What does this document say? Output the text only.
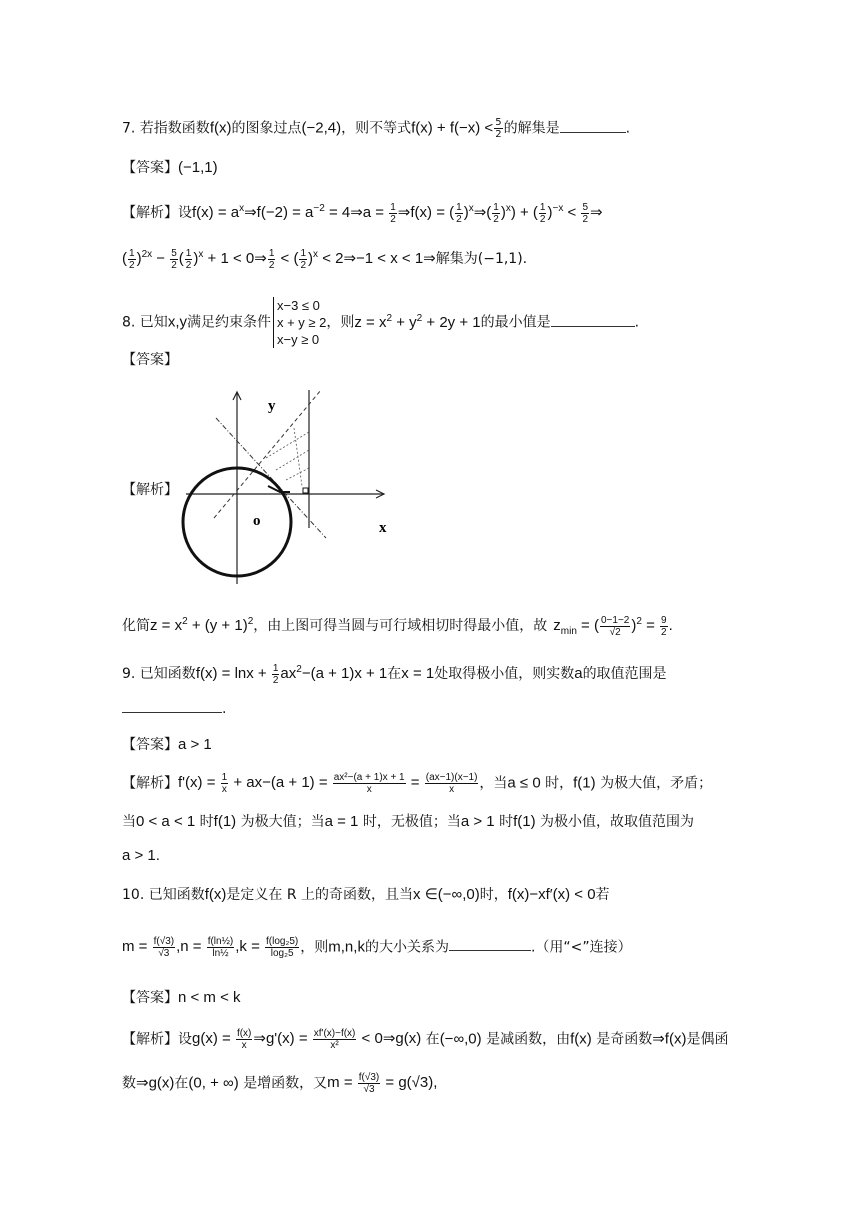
7. 若指数函数f(x)的图象过点(−2,4)，则不等式$f(x) + f(-x) < \frac{5}{2}$ 的解集是	.
【答案】(−1,1)
【解析】设$f(x) = a^x\Rightarrow f(-2) = a^{-2}$ = 4⇒a = $\frac{1}{2}$ ⇒f(x) = ( $\frac{1}{2}$ )$^x$⇒( $\frac{1}{2} )^x$) + ( $\frac{1}{2} )^{-x} < \frac{5}{2}$ ⇒
( $\frac{1}{2} )^{2x} - \frac{5}{2}$ ( $\frac{1}{2} )^x + 1$ < 0⇒ $\frac{1}{2}$ < ( $\frac{1}{2} )^x$ < 2⇒−1 < x < 1⇒解集为(−1,1).
8. 已知x,y满足约束条件
x−3 ≤ 0
x + y ≥ 2
x−y ≥ 0
，则$z = x^2 + y^2 + 2y + 1$的最小值是	.
【答案】
【解析】
y
x
o
化简$z = x^2 + (y + 1)^2$，由上图可得当圆与可行域相切时得最小值，故 $z_{min}$ = ( $\frac{0-1-2}{√2} )^2 = \frac{9}{2}$ .
9. 已知函数$f(x) = \ln x + \frac{1}{2} ax^2-(a + 1)x + 1$在x = 1处取得极小值，则实数a的取值范围是
.
【答案】a > 1
【解析】$f'(x) = \frac{1}{x} + ax-(a + 1) = \frac{\text{ax²−(a + 1)x + 1}}{x} = \frac{(ax-1)(x-1)}{x}$ ，当a ≤ 0 时，f(1) 为极大值，矛盾；
当0 < a < 1 时f(1) 为极大值；当a = 1 时，无极值；当a > 1 时f(1) 为极小值，故取值范围为
a > 1.
10. 已知函数f(x)是定义在 R 上的奇函数，且当x ∈(−∞,0)时，f(x)−xf′(x) < 0若
$m = \frac{f(√3)}{√3} ,n = \frac{\text{f(ln½)}}{\text{ln½}} ,k = \frac{\text{f(log₂5)}}{\text{log₂5}}$ ，则m,n,k的大小关系为	.（用“<”连接）
【答案】n < m < k
【解析】设$g(x) = \frac{f(x)}{x}$ ⇒g'(x) = $\frac{xf'(x)-f(x)}{\text{x²}}$ < 0⇒g(x) 在(−∞,0) 是减函数，由f(x) 是奇函数⇒f(x)是偶函
数⇒g(x)在(0, + ∞) 是增函数，又$m = \frac{f(√3)}{√3} = g(√3)$,
